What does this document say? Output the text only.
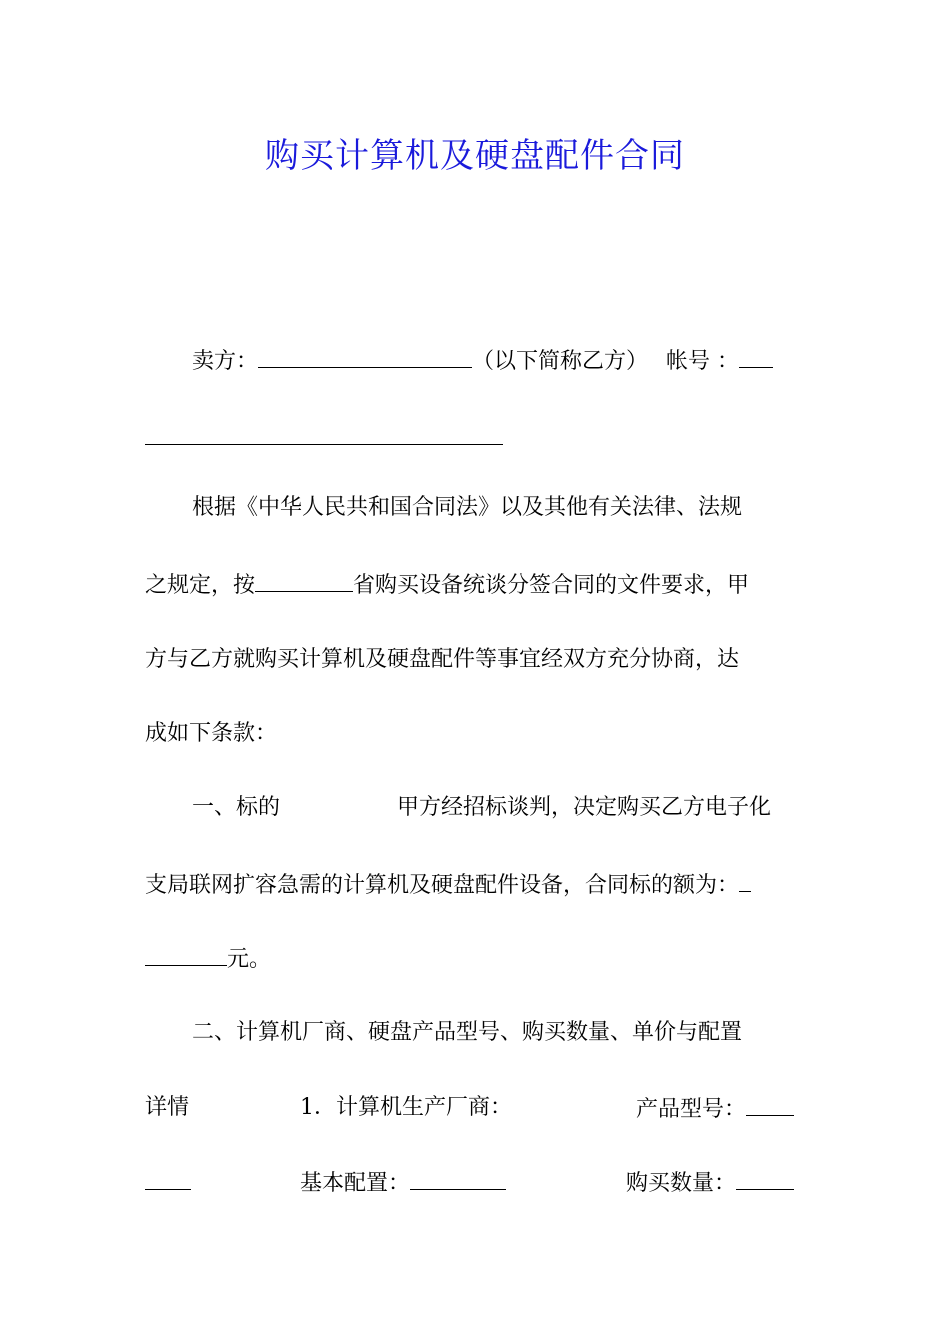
购买计算机及硬盘配件合同
卖方：	（以下简称乙方） 帐号 ：
根据《中华人民共和国合同法》以及其他有关法律、法规
之规定，按	省购买设备统谈分签合同的文件要求，甲
方与乙方就购买计算机及硬盘配件等事宜经双方充分协商，达
成如下条款：
一、标的	甲方经招标谈判，决定购买乙方电子化
支局联网扩容急需的计算机及硬盘配件设备，合同标的额为：
元。
二、计算机厂商、硬盘产品型号、购买数量、单价与配置
详情	1．计算机生产厂商：	产品型号：
基本配置：	购买数量：
